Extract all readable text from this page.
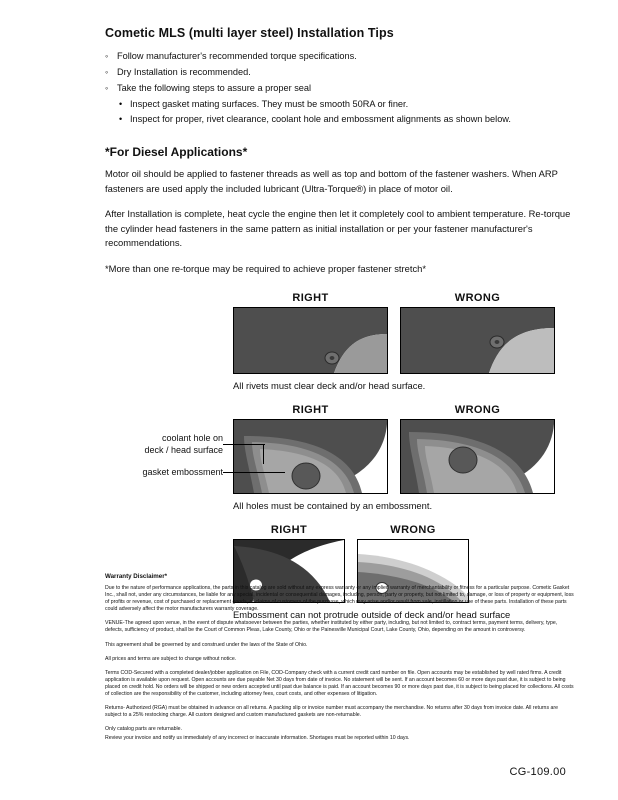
Cometic MLS (multi layer steel) Installation Tips
◦ Follow manufacturer's recommended torque specifications.
◦ Dry Installation is recommended.
◦ Take the following steps to assure a proper seal
• Inspect gasket mating surfaces. They must be smooth 50RA or finer.
• Inspect for proper, rivet clearance, coolant hole and embossment alignments as shown below.
*For Diesel Applications*

Motor oil should be applied to fastener threads as well as top and bottom of the fastener washers. When ARP fasteners are used apply the included lubricant (Ultra-Torque®) in place of motor oil.

After Installation is complete, heat cycle the engine then let it completely cool to ambient temperature. Re-torque the cylinder head fasteners in the same pattern as initial installation or per your fastener manufacturer's recommendations.

*More than one re-torque may be required to achieve proper fastener stretch*

RIGHT	WRONG

All rivets must clear deck and/or head surface.

RIGHT	WRONG

All holes must be contained by an embossment.

coolant hole on
deck / head surface
gasket embossment
RIGHT	WRONG

Embossment can not protrude outside of deck and/or head surface

Warranty Disclaimer*

Due to the nature of performance applications, the parts in this catalog are sold without any express warranty or any implied warranty of merchantability or fitness for a particular purpose. Cometic Gasket Inc., shall not, under any circumstances, be liable for any special, incidental or consequential damages, including, person, party or property, but not limited to, damage, or loss of property or equipment, loss of profits or revenue, cost of purchased or replacement goods, or claims of customers of the purchase, which may arise and/or result from sale, instillation or use of these parts. Installation of these parts could adversely affect the motor manufacturers warranty coverage.

VENUE-The agreed upon venue, in the event of dispute whatsoever between the parties, whether instituted by either party, including, but not limited to, contract terms, payment terms, delivery, type, defects, sufficiency of product, shall be the Court of Common Pleas, Lake County, Ohio or the Painesville Municipal Court, Lake County, Ohio, depending on the amount in controversy.

This agreement shall be governed by and construed under the laws of the State of Ohio.

All prices and terms are subject to change without notice.

Terms COD-Secured with a completed dealer/jobber application on File, COD-Company check with a current credit card number on file. Open accounts may be established by well rated firms. A credit application is available upon request. Open accounts are due payable Net 30 days from date of invoice. No statement will be sent. If an account becomes 60 or more days past due, it is subject to being placed on credit hold. No orders will be shipped or new orders accepted until past due balance is paid. If an account becomes 90 or more days past due, it is subject to being placed for collections. All costs of collection are the responsibility of the customer, including attorney fees, court costs, and other expenses of litigation.

Returns- Authorized (RGA) must be obtained in advance on all returns. A packing slip or invoice number must accompany the merchandise. No returns after 30 days from invoice date. All returns are subject to a 25% restocking charge. All custom designed and custom manufactured gaskets are non-returnable.

Only catalog parts are returnable.

Review your invoice and notify us immediately of any incorrect or inaccurate information. Shortages must be reported within 10 days.

CG-109.00
